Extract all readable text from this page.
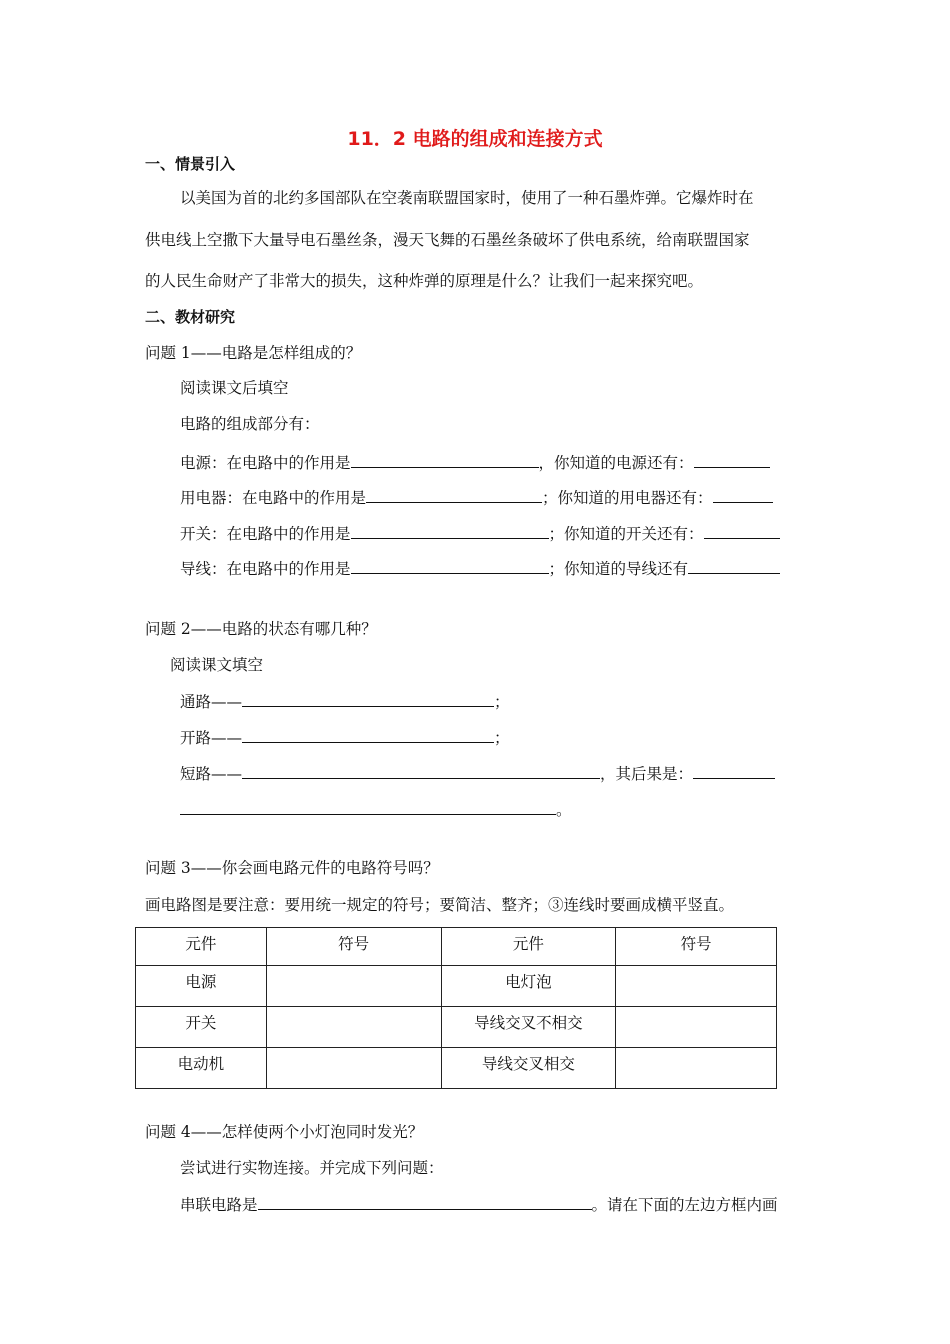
11．2 电路的组成和连接方式
一、情景引入
以美国为首的北约多国部队在空袭南联盟国家时，使用了一种石墨炸弹。它爆炸时在
供电线上空撒下大量导电石墨丝条，漫天飞舞的石墨丝条破坏了供电系统，给南联盟国家
的人民生命财产了非常大的损失，这种炸弹的原理是什么？让我们一起来探究吧。
二、教材研究
问题 1——电路是怎样组成的？
阅读课文后填空
电路的组成部分有：
电源：在电路中的作用是	，你知道的电源还有：
用电器：在电路中的作用是	；你知道的用电器还有：
开关：在电路中的作用是	；你知道的开关还有：
导线：在电路中的作用是	；你知道的导线还有
问题 2——电路的状态有哪几种？
阅读课文填空
通路——	；
开路——	；
短路——	，其后果是：
。
问题 3——你会画电路元件的电路符号吗？
画电路图是要注意：要用统一规定的符号；要简洁、整齐；③连线时要画成横平竖直。
元件	符号	元件	符号
电源		电灯泡	
开关		导线交叉不相交	
电动机		导线交叉相交	
问题 4——怎样使两个小灯泡同时发光？
尝试进行实物连接。并完成下列问题：
串联电路是	。请在下面的左边方框内画
